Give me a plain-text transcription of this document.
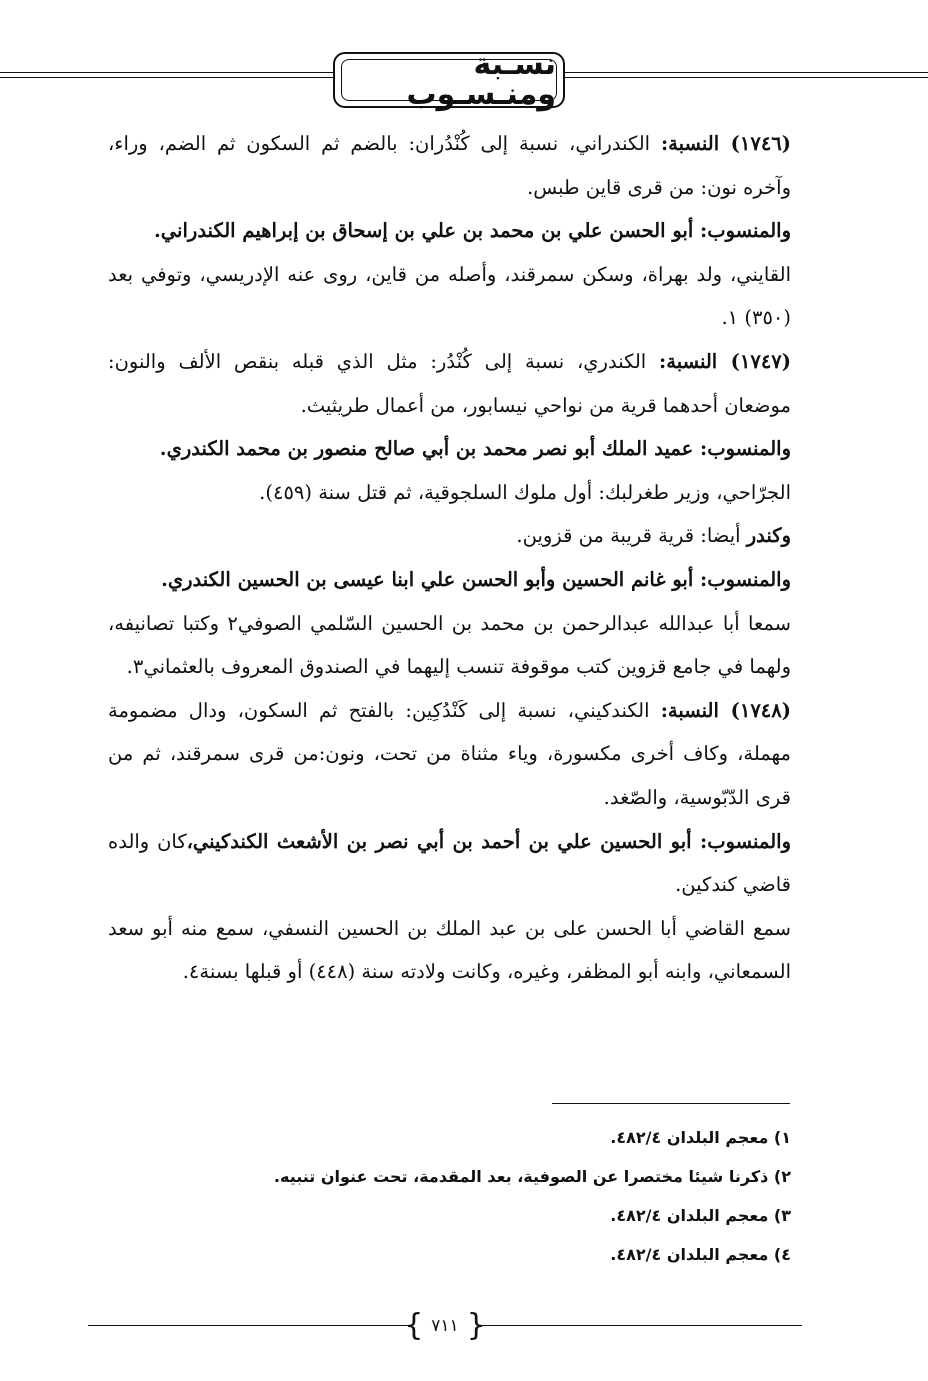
نسـبة ومنـسـوب

(١٧٤٦) النسبة: الكندراني، نسبة إلى كُنْدُران: بالضم ثم السكون ثم الضم، وراء، وآخره نون: من قرى قاين طبس.

والمنسوب: أبو الحسن علي بن محمد بن علي بن إسحاق بن إبراهيم الكندراني.

القايني، ولد بهراة، وسكن سمرقند، وأصله من قاين، روى عنه الإدريسي، وتوفي بعد (٣٥٠) ١.

(١٧٤٧) النسبة: الكندري، نسبة إلى كُنْدُر: مثل الذي قبله بنقص الألف والنون: موضعان أحدهما قرية من نواحي نيسابور، من أعمال طريثيث.

والمنسوب: عميد الملك أبو نصر محمد بن أبي صالح منصور بن محمد الكندري.

الجرّاحي، وزير طغرلبك: أول ملوك السلجوقية، ثم قتل سنة (٤٥٩).

وكندر أيضا: قرية قريبة من قزوين.

والمنسوب: أبو غانم الحسين وأبو الحسن علي ابنا عيسى بن الحسين الكندري.

سمعا أبا عبدالله عبدالرحمن بن محمد بن الحسين السّلمي الصوفي٢ وكتبا تصانيفه، ولهما في جامع قزوين كتب موقوفة تنسب إليهما في الصندوق المعروف بالعثماني٣.

(١٧٤٨) النسبة: الكندكيني، نسبة إلى كَنْدُكِين: بالفتح ثم السكون، ودال مضمومة مهملة، وكاف أخرى مكسورة، وياء مثناة من تحت، ونون:من قرى سمرقند، ثم من قرى الدّبّوسية، والصّغد.

والمنسوب: أبو الحسين علي بن أحمد بن أبي نصر بن الأشعث الكندكيني،كان والده قاضي كندكين.

سمع القاضي أبا الحسن على بن عبد الملك بن الحسين النسفي، سمع منه أبو سعد السمعاني، وابنه أبو المظفر، وغيره، وكانت ولادته سنة (٤٤٨) أو قبلها بسنة٤.

١) معجم البلدان ٤٨٢/٤.

٢) ذكرنا شيئا مختصرا عن الصوفية، بعد المقدمة، تحت عنوان تنبيه.

٣) معجم البلدان ٤٨٢/٤.

٤) معجم البلدان ٤٨٢/٤.

{
٧١١
}
